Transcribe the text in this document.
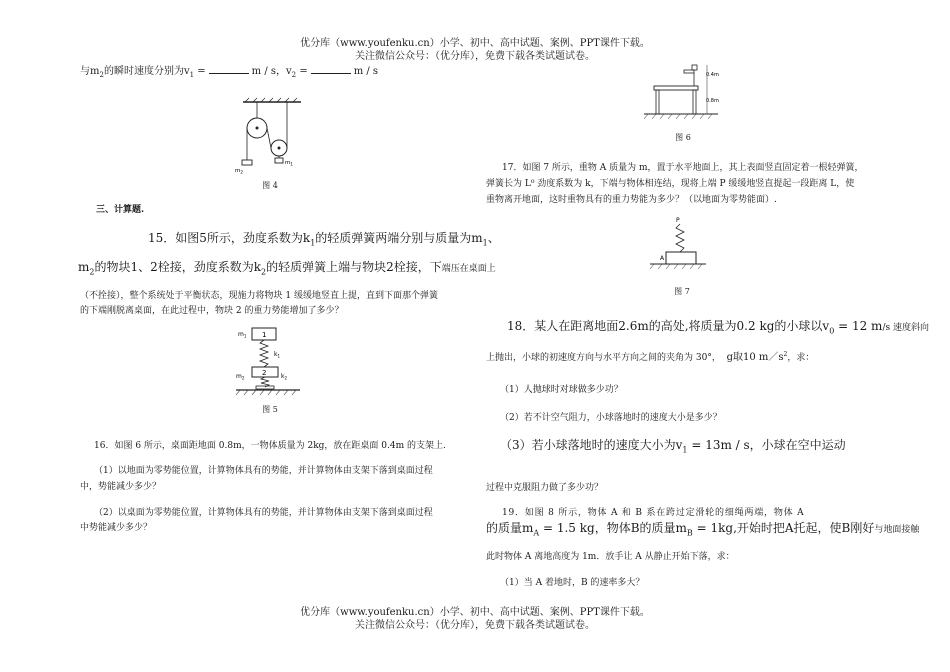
优分库（www.youfenku.cn）小学、初中、高中试题、案例、PPT课件下载。
关注微信公众号：（优分库），免费下载各类试题试卷。
与$m_2$的瞬时速度分别为$v_1$ =	m / s，$v_2$ =	m / s
$m_2$
$m_1$
图 4
三、计算题.
15．如图5所示，劲度系数为$k_1$的轻质弹簧两端分别与质量为$m_1$、
$m_2$的物块1、2栓接，劲度系数为$k_2$的轻质弹簧上端与物块2栓接，下端压在桌面上
（不拴接），整个系统处于平衡状态，现施力将物块 1 缓缓地竖直上提，直到下面那个弹簧
的下端刚脱离桌面，在此过程中，物块 2 的重力势能增加了多少？
1
2
$m_1$
$k_1$
$m_2$	$k_2$
图 5
16．如图 6 所示，桌面距地面 0.8m，一物体质量为 2kg，放在距桌面 0.4m 的支架上.
（1）以地面为零势能位置，计算物体具有的势能，并计算物体由支架下落到桌面过程
中，势能减少多少？
（2）以桌面为零势能位置，计算物体具有的势能，并计算物体由支架下落到桌面过程
中势能减少多少？
0.4m
0.8m
图 6
17．如图 7 所示，重物 A 质量为 m，置于水平地面上，其上表面竖直固定着一根轻弹簧，
弹簧长为 L⁰ 劲度系数为 k，下端与物体相连结，现将上端 P 缓缓地竖直提起一段距离 L，使
重物离开地面，这时重物具有的重力势能为多少？（以地面为零势能面）.
P
A
图 7
18．某人在距离地面2.6m的高处,将质量为0.2 kg的小球以$v_0 = 12$ m/s 速度斜向
上抛出，小球的初速度方向与水平方向之间的夹角为 30°， g取10 $m/s^2$，求：
（1）人抛球时对球做多少功？
（2）若不计空气阻力，小球落地时的速度大小是多少？
（3）若小球落地时的速度大小为$v_1 = 13m / s$，小球在空中运动
过程中克服阻力做了多少功？
19．如图 8 所示，物体 A 和 B 系在跨过定滑轮的细绳两端，物体 A
的质量$m_A = 1.5$ kg，物体B的质量$m_B = 1kg$,开始时把A托起，使B刚好与地面接触
此时物体 A 离地高度为 1m．放手让 A 从静止开始下落，求：
（1）当 A 着地时，B 的速率多大？
优分库（www.youfenku.cn）小学、初中、高中试题、案例、PPT课件下载。
关注微信公众号：（优分库），免费下载各类试题试卷。
